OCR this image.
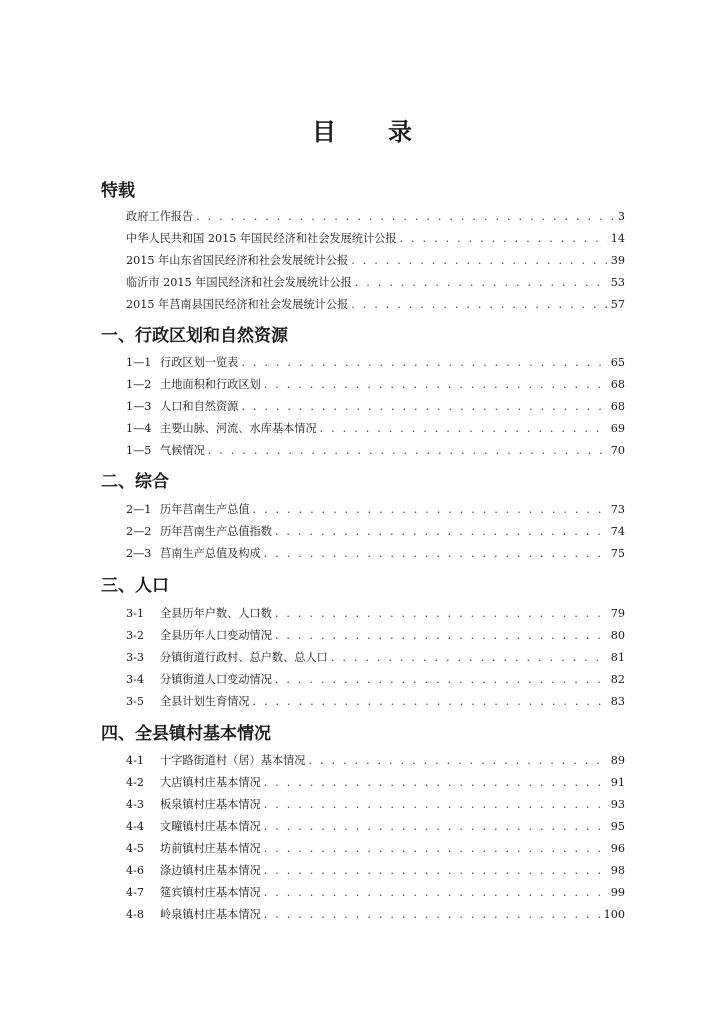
目 录
特载
政府工作报告 . . .	3
中华人民共和国 2015 年国民经济和社会发展统计公报 . . .	14
2015 年山东省国民经济和社会发展统计公报 . . .	39
临沂市 2015 年国民经济和社会发展统计公报 . . .	53
2015 年莒南县国民经济和社会发展统计公报 . . .	57
一、行政区划和自然资源
1—1 行政区划一览表 . . .	65
1—2 土地面积和行政区划 . . .	68
1—3 人口和自然资源 . . .	68
1—4 主要山脉、河流、水库基本情况 . . .	69
1—5 气候情况 . . .	70
二、综合
2—1 历年莒南生产总值 . . .	73
2—2 历年莒南生产总值指数 . . .	74
2—3 莒南生产总值及构成 . . .	75
三、人口
3-1	全县历年户数、人口数 . . .	79
3-2	全县历年人口变动情况 . . .	80
3-3	分镇街道行政村、总户数、总人口 . . .	81
3-4	分镇街道人口变动情况 . . .	82
3-5	全县计划生育情况 . . .	83
四、全县镇村基本情况
4-1	十字路街道村（居）基本情况 . . .	89
4-2	大店镇村庄基本情况 . . .	91
4-3	板泉镇村庄基本情况 . . .	93
4-4	文疃镇村庄基本情况 . . .	95
4-5	坊前镇村庄基本情况 . . .	96
4-6	涤边镇村庄基本情况 . . .	98
4-7	筵宾镇村庄基本情况 . . .	99
4-8	岭泉镇村庄基本情况 . . .	100
